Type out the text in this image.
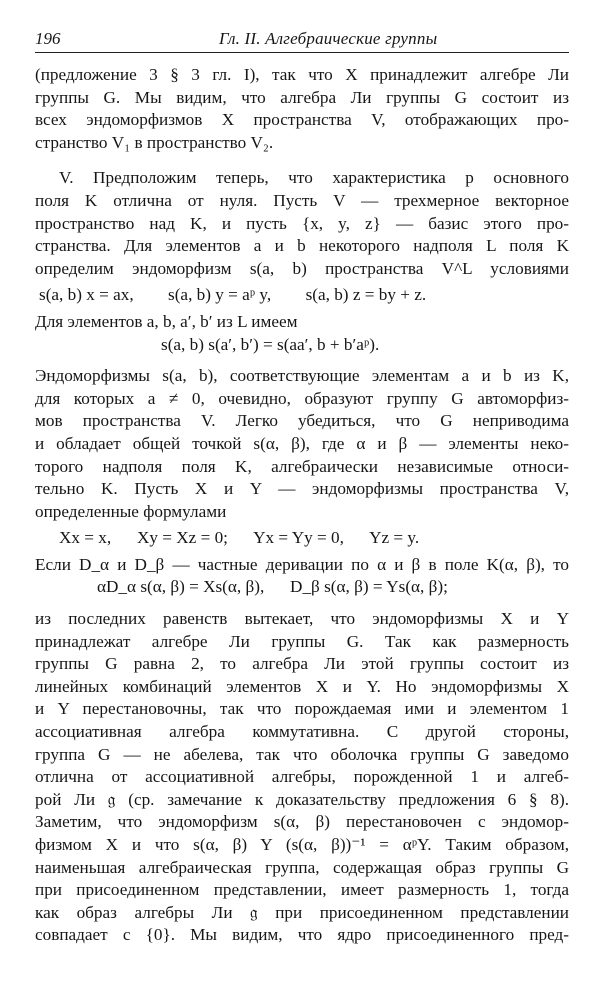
196	Гл. II. Алгебраические группы
(предложение 3 § 3 гл. I), так что X принадлежит алгебре Ли
группы G. Мы видим, что алгебра Ли группы G состоит из
всех эндоморфизмов X пространства V, отображающих про-
странство V₁ в пространство V₂.
V. Предположим теперь, что характеристика p основного
поля K отлична от нуля. Пусть V — трехмерное векторное
пространство над K, и пусть {x, y, z} — базис этого про-
странства. Для элементов a и b некоторого надполя L поля K
определим эндоморфизм s(a, b) пространства V^L условиями
s(a, b) x = ax,        s(a, b) y = aᵖ y,        s(a, b) z = by + z.
Для элементов a, b, a′, b′ из L имеем
s(a, b) s(a′, b′) = s(aa′, b + b′aᵖ).
Эндоморфизмы s(a, b), соответствующие элементам a и b из K,
для которых a ≠ 0, очевидно, образуют группу G автоморфиз-
мов пространства V. Легко убедиться, что G неприводима
и обладает общей точкой s(α, β), где α и β — элементы неко-
торого надполя поля K, алгебраически независимые относи-
тельно K. Пусть X и Y — эндоморфизмы пространства V,
определенные формулами
Xx = x,      Xy = Xz = 0;      Yx = Yy = 0,      Yz = y.
Если D_α и D_β — частные деривации по α и β в поле K(α, β), то
αD_α s(α, β) = Xs(α, β),      D_β s(α, β) = Ys(α, β);
из последних равенств вытекает, что эндоморфизмы X и Y
принадлежат алгебре Ли группы G. Так как размерность
группы G равна 2, то алгебра Ли этой группы состоит из
линейных комбинаций элементов X и Y. Но эндоморфизмы X
и Y перестановочны, так что порождаемая ими и элементом 1
ассоциативная алгебра коммутативна. С другой стороны,
группа G — не абелева, так что оболочка группы G заведомо
отлична от ассоциативной алгебры, порожденной 1 и алгеб-
рой Ли 𝔤 (ср. замечание к доказательству предложения 6 § 8).
Заметим, что эндоморфизм s(α, β) перестановочен с эндомор-
физмом X и что s(α, β) Y (s(α, β))⁻¹ = αᵖY. Таким образом,
наименьшая алгебраическая группа, содержащая образ группы G
при присоединенном представлении, имеет размерность 1, тогда
как образ алгебры Ли 𝔤 при присоединенном представлении
совпадает с {0}. Мы видим, что ядро присоединенного пред-
